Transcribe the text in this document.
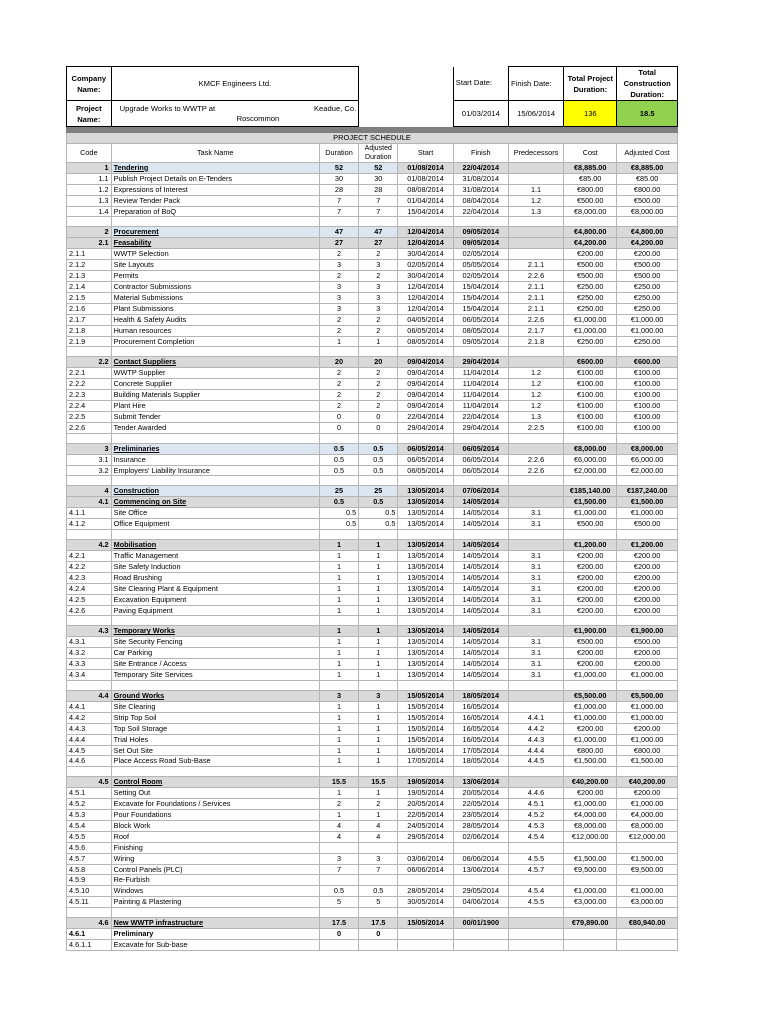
Company Name:	KMCF Engineers Ltd.			Start Date:	Finish Date:	Total Project Duration:	Total Construction Duration:
Project Name:	Upgrade Works to WWTP at Keadue, Co.
Roscommon			01/03/2014	15/06/2014	136	18.5

PROJECT SCHEDULE								
Code	Task Name	Duration	Adjusted Duration	Start	Finish	Predecessors	Cost	Adjusted Cost
1	Tendering	52	52	01/08/2014	22/04/2014		€8,885.00	€8,885.00
1.1	Publish Project Details on E-Tenders	30	30	01/08/2014	31/08/2014		€85.00	€85.00
1.2	Expressions of Interest	28	28	08/08/2014	31/08/2014	1.1	€800.00	€800.00
1.3	Review Tender Pack	7	7	01/04/2014	08/04/2014	1.2	€500.00	€500.00
1.4	Preparation of BoQ	7	7	15/04/2014	22/04/2014	1.3	€8,000.00	€8,000.00

2	Procurement	47	47	12/04/2014	09/05/2014		€4,800.00	€4,800.00
2.1	Feasability	27	27	12/04/2014	09/05/2014		€4,200.00	€4,200.00
2.1.1	WWTP Selection	2	2	30/04/2014	02/05/2014		€200.00	€200.00
2.1.2	Site Layouts	3	3	02/05/2014	05/05/2014	2.1.1	€500.00	€500.00
2.1.3	Permits	2	2	30/04/2014	02/05/2014	2.2.6	€500.00	€500.00
2.1.4	Contractor Submissions	3	3	12/04/2014	15/04/2014	2.1.1	€250.00	€250.00
2.1.5	Material Submissions	3	3	12/04/2014	15/04/2014	2.1.1	€250.00	€250.00
2.1.6	Plant Submissions	3	3	12/04/2014	15/04/2014	2.1.1	€250.00	€250.00
2.1.7	Health & Safety Audits	2	2	04/05/2014	06/05/2014	2.2.6	€1,000.00	€1,000.00
2.1.8	Human resources	2	2	06/05/2014	08/05/2014	2.1.7	€1,000.00	€1,000.00
2.1.9	Procurement Completion	1	1	08/05/2014	09/05/2014	2.1.8	€250.00	€250.00

2.2	Contact Suppliers	20	20	09/04/2014	29/04/2014		€600.00	€600.00
2.2.1	WWTP Supplier	2	2	09/04/2014	11/04/2014	1.2	€100.00	€100.00
2.2.2	Concrete Supplier	2	2	09/04/2014	11/04/2014	1.2	€100.00	€100.00
2.2.3	Building Materials Supplier	2	2	09/04/2014	11/04/2014	1.2	€100.00	€100.00
2.2.4	Plant Hire	2	2	09/04/2014	11/04/2014	1.2	€100.00	€100.00
2.2.5	Submit Tender	0	0	22/04/2014	22/04/2014	1.3	€100.00	€100.00
2.2.6	Tender Awarded	0	0	29/04/2014	29/04/2014	2.2.5	€100.00	€100.00

3	Preliminaries	0.5	0.5	06/05/2014	06/05/2014		€8,000.00	€8,000.00
3.1	Insurance	0.5	0.5	06/05/2014	06/05/2014	2.2.6	€6,000.00	€6,000.00
3.2	Employers' Liability Insurance	0.5	0.5	06/05/2014	06/05/2014	2.2.6	€2,000.00	€2,000.00

4	Construction	25	25	13/05/2014	07/06/2014		€185,140.00	€187,240.00
4.1	Commencing on Site	0.5	0.5	13/05/2014	14/05/2014		€1,500.00	€1,500.00
4.1.1	Site Office	0.5	0.5	13/05/2014	14/05/2014	3.1	€1,000.00	€1,000.00
4.1.2	Office Equipment	0.5	0.5	13/05/2014	14/05/2014	3.1	€500.00	€500.00

4.2	Mobilisation	1	1	13/05/2014	14/05/2014		€1,200.00	€1,200.00
4.2.1	Traffic Management	1	1	13/05/2014	14/05/2014	3.1	€200.00	€200.00
4.2.2	Site Safety Induction	1	1	13/05/2014	14/05/2014	3.1	€200.00	€200.00
4.2.3	Road Brushing	1	1	13/05/2014	14/05/2014	3.1	€200.00	€200.00
4.2.4	Site Clearing Plant & Equipment	1	1	13/05/2014	14/05/2014	3.1	€200.00	€200.00
4.2.5	Excavation Equipment	1	1	13/05/2014	14/05/2014	3.1	€200.00	€200.00
4.2.6	Paving Equipment	1	1	13/05/2014	14/05/2014	3.1	€200.00	€200.00

4.3	Temporary Works	1	1	13/05/2014	14/05/2014		€1,900.00	€1,900.00
4.3.1	Site Security Fencing	1	1	13/05/2014	14/05/2014	3.1	€500.00	€500.00
4.3.2	Car Parking	1	1	13/05/2014	14/05/2014	3.1	€200.00	€200.00
4.3.3	Site Entrance / Access	1	1	13/05/2014	14/05/2014	3.1	€200.00	€200.00
4.3.4	Temporary Site Services	1	1	13/05/2014	14/05/2014	3.1	€1,000.00	€1,000.00

4.4	Ground Works	3	3	15/05/2014	18/05/2014		€5,500.00	€5,500.00
4.4.1	Site Clearing	1	1	15/05/2014	16/05/2014		€1,000.00	€1,000.00
4.4.2	Strip Top Soil	1	1	15/05/2014	16/05/2014	4.4.1	€1,000.00	€1,000.00
4.4.3	Top Soil Storage	1	1	15/05/2014	16/05/2014	4.4.2	€200.00	€200.00
4.4.4	Trial Holes	1	1	15/05/2014	16/05/2014	4.4.3	€1,000.00	€1,000.00
4.4.5	Set Out Site	1	1	16/05/2014	17/05/2014	4.4.4	€800.00	€800.00
4.4.6	Place Access Road Sub-Base	1	1	17/05/2014	18/05/2014	4.4.5	€1,500.00	€1,500.00

4.5	Control Room	15.5	15.5	19/05/2014	13/06/2014		€40,200.00	€40,200.00
4.5.1	Setting Out	1	1	19/05/2014	20/05/2014	4.4.6	€200.00	€200.00
4.5.2	Excavate for Foundations / Services	2	2	20/05/2014	22/05/2014	4.5.1	€1,000.00	€1,000.00
4.5.3	Pour Foundations	1	1	22/05/2014	23/05/2014	4.5.2	€4,000.00	€4,000.00
4.5.4	Block Work	4	4	24/05/2014	28/05/2014	4.5.3	€8,000.00	€8,000.00
4.5.5	Roof	4	4	29/05/2014	02/06/2014	4.5.4	€12,000.00	€12,000.00
4.5.6	Finishing							
4.5.7	Wiring	3	3	03/06/2014	06/06/2014	4.5.5	€1,500.00	€1,500.00
4.5.8	Control Panels (PLC)	7	7	06/06/2014	13/06/2014	4.5.7	€9,500.00	€9,500.00
4.5.9	Re-Furbish							
4.5.10	Windows	0.5	0.5	28/05/2014	29/05/2014	4.5.4	€1,000.00	€1,000.00
4.5.11	Painting & Plastering	5	5	30/05/2014	04/06/2014	4.5.5	€3,000.00	€3,000.00

4.6	New WWTP infrastructure	17.5	17.5	15/05/2014	00/01/1900		€79,890.00	€80,940.00
4.6.1	Preliminary	0	0					
4.6.1.1	Excavate for Sub-base							
